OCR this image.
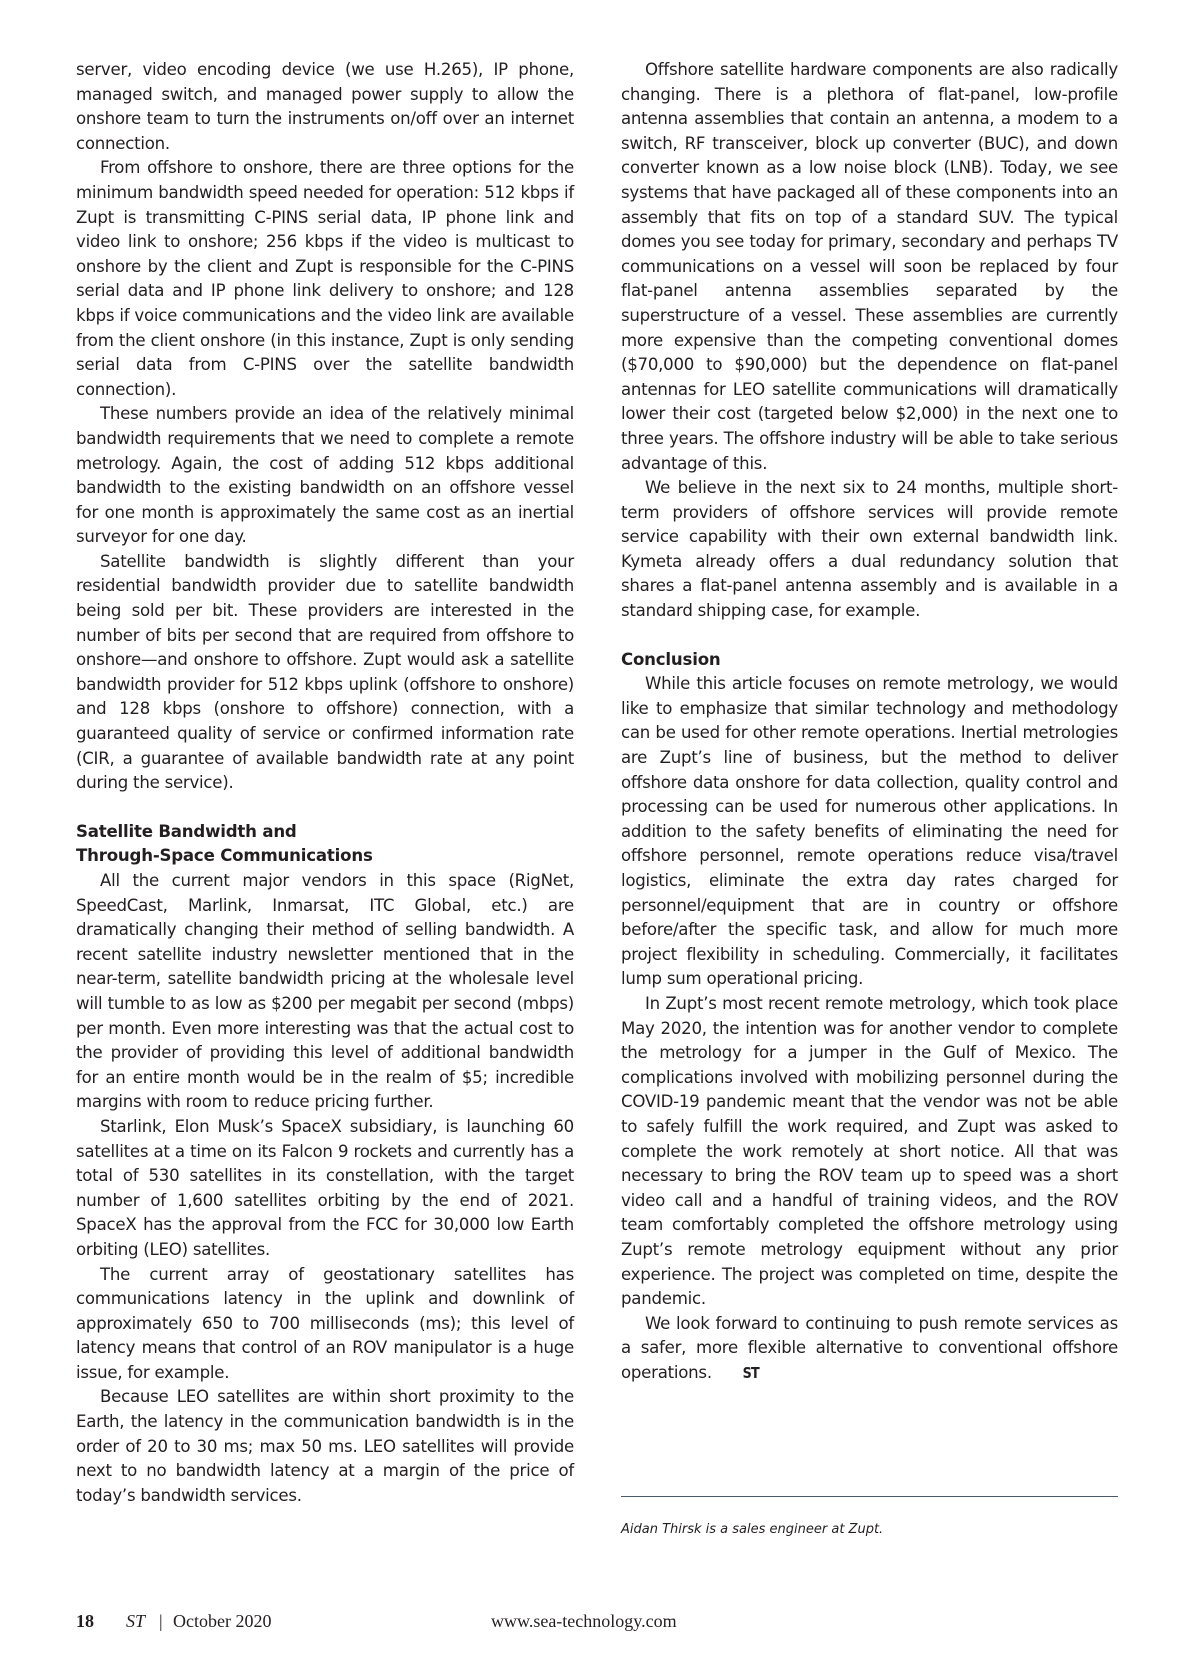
server, video encoding device (we use H.265), IP phone, managed switch, and managed power supply to allow the onshore team to turn the instruments on/off over an internet connection.

From offshore to onshore, there are three options for the minimum bandwidth speed needed for operation: 512 kbps if Zupt is transmitting C-PINS serial data, IP phone link and video link to onshore; 256 kbps if the video is multicast to onshore by the client and Zupt is responsible for the C-PINS serial data and IP phone link delivery to onshore; and 128 kbps if voice communications and the video link are available from the client onshore (in this instance, Zupt is only sending serial data from C-PINS over the satellite bandwidth connection).

These numbers provide an idea of the relatively minimal bandwidth requirements that we need to complete a remote metrology. Again, the cost of adding 512 kbps additional bandwidth to the existing bandwidth on an offshore vessel for one month is approximately the same cost as an inertial surveyor for one day.

Satellite bandwidth is slightly different than your residential bandwidth provider due to satellite bandwidth being sold per bit. These providers are interested in the number of bits per second that are required from offshore to onshore—and onshore to offshore. Zupt would ask a satellite bandwidth provider for 512 kbps uplink (offshore to onshore) and 128 kbps (onshore to offshore) connection, with a guaranteed quality of service or confirmed information rate (CIR, a guarantee of available bandwidth rate at any point during the service).

Satellite Bandwidth and
Through-Space Communications

All the current major vendors in this space (RigNet, SpeedCast, Marlink, Inmarsat, ITC Global, etc.) are dramatically changing their method of selling bandwidth. A recent satellite industry newsletter mentioned that in the near-term, satellite bandwidth pricing at the wholesale level will tumble to as low as $200 per megabit per second (mbps) per month. Even more interesting was that the actual cost to the provider of providing this level of additional bandwidth for an entire month would be in the realm of $5; incredible margins with room to reduce pricing further.

Starlink, Elon Musk’s SpaceX subsidiary, is launching 60 satellites at a time on its Falcon 9 rockets and currently has a total of 530 satellites in its constellation, with the target number of 1,600 satellites orbiting by the end of 2021. SpaceX has the approval from the FCC for 30,000 low Earth orbiting (LEO) satellites.

The current array of geostationary satellites has communications latency in the uplink and downlink of approximately 650 to 700 milliseconds (ms); this level of latency means that control of an ROV manipulator is a huge issue, for example.

Because LEO satellites are within short proximity to the Earth, the latency in the communication bandwidth is in the order of 20 to 30 ms; max 50 ms. LEO satellites will provide next to no bandwidth latency at a margin of the price of today’s bandwidth services.

Offshore satellite hardware components are also radically changing. There is a plethora of flat-panel, low-profile antenna assemblies that contain an antenna, a modem to a switch, RF transceiver, block up converter (BUC), and down converter known as a low noise block (LNB). Today, we see systems that have packaged all of these components into an assembly that fits on top of a standard SUV. The typical domes you see today for primary, secondary and perhaps TV communications on a vessel will soon be replaced by four flat-panel antenna assemblies separated by the superstructure of a vessel. These assemblies are currently more expensive than the competing conventional domes ($70,000 to $90,000) but the dependence on flat-panel antennas for LEO satellite communications will dramatically lower their cost (targeted below $2,000) in the next one to three years. The offshore industry will be able to take serious advantage of this.

We believe in the next six to 24 months, multiple short-term providers of offshore services will provide remote service capability with their own external bandwidth link. Kymeta already offers a dual redundancy solution that shares a flat-panel antenna assembly and is available in a standard shipping case, for example.

Conclusion

While this article focuses on remote metrology, we would like to emphasize that similar technology and methodology can be used for other remote operations. Inertial metrologies are Zupt’s line of business, but the method to deliver offshore data onshore for data collection, quality control and processing can be used for numerous other applications. In addition to the safety benefits of eliminating the need for offshore personnel, remote operations reduce visa/travel logistics, eliminate the extra day rates charged for personnel/equipment that are in country or offshore before/after the specific task, and allow for much more project flexibility in scheduling. Commercially, it facilitates lump sum operational pricing.

In Zupt’s most recent remote metrology, which took place May 2020, the intention was for another vendor to complete the metrology for a jumper in the Gulf of Mexico. The complications involved with mobilizing personnel during the COVID-19 pandemic meant that the vendor was not be able to safely fulfill the work required, and Zupt was asked to complete the work remotely at short notice. All that was necessary to bring the ROV team up to speed was a short video call and a handful of training videos, and the ROV team comfortably completed the offshore metrology using Zupt’s remote metrology equipment without any prior experience. The project was completed on time, despite the pandemic.

We look forward to continuing to push remote services as a safer, more flexible alternative to conventional offshore operations. ST

Aidan Thirsk is a sales engineer at Zupt.
18 ST | October 2020	www.sea-technology.com
